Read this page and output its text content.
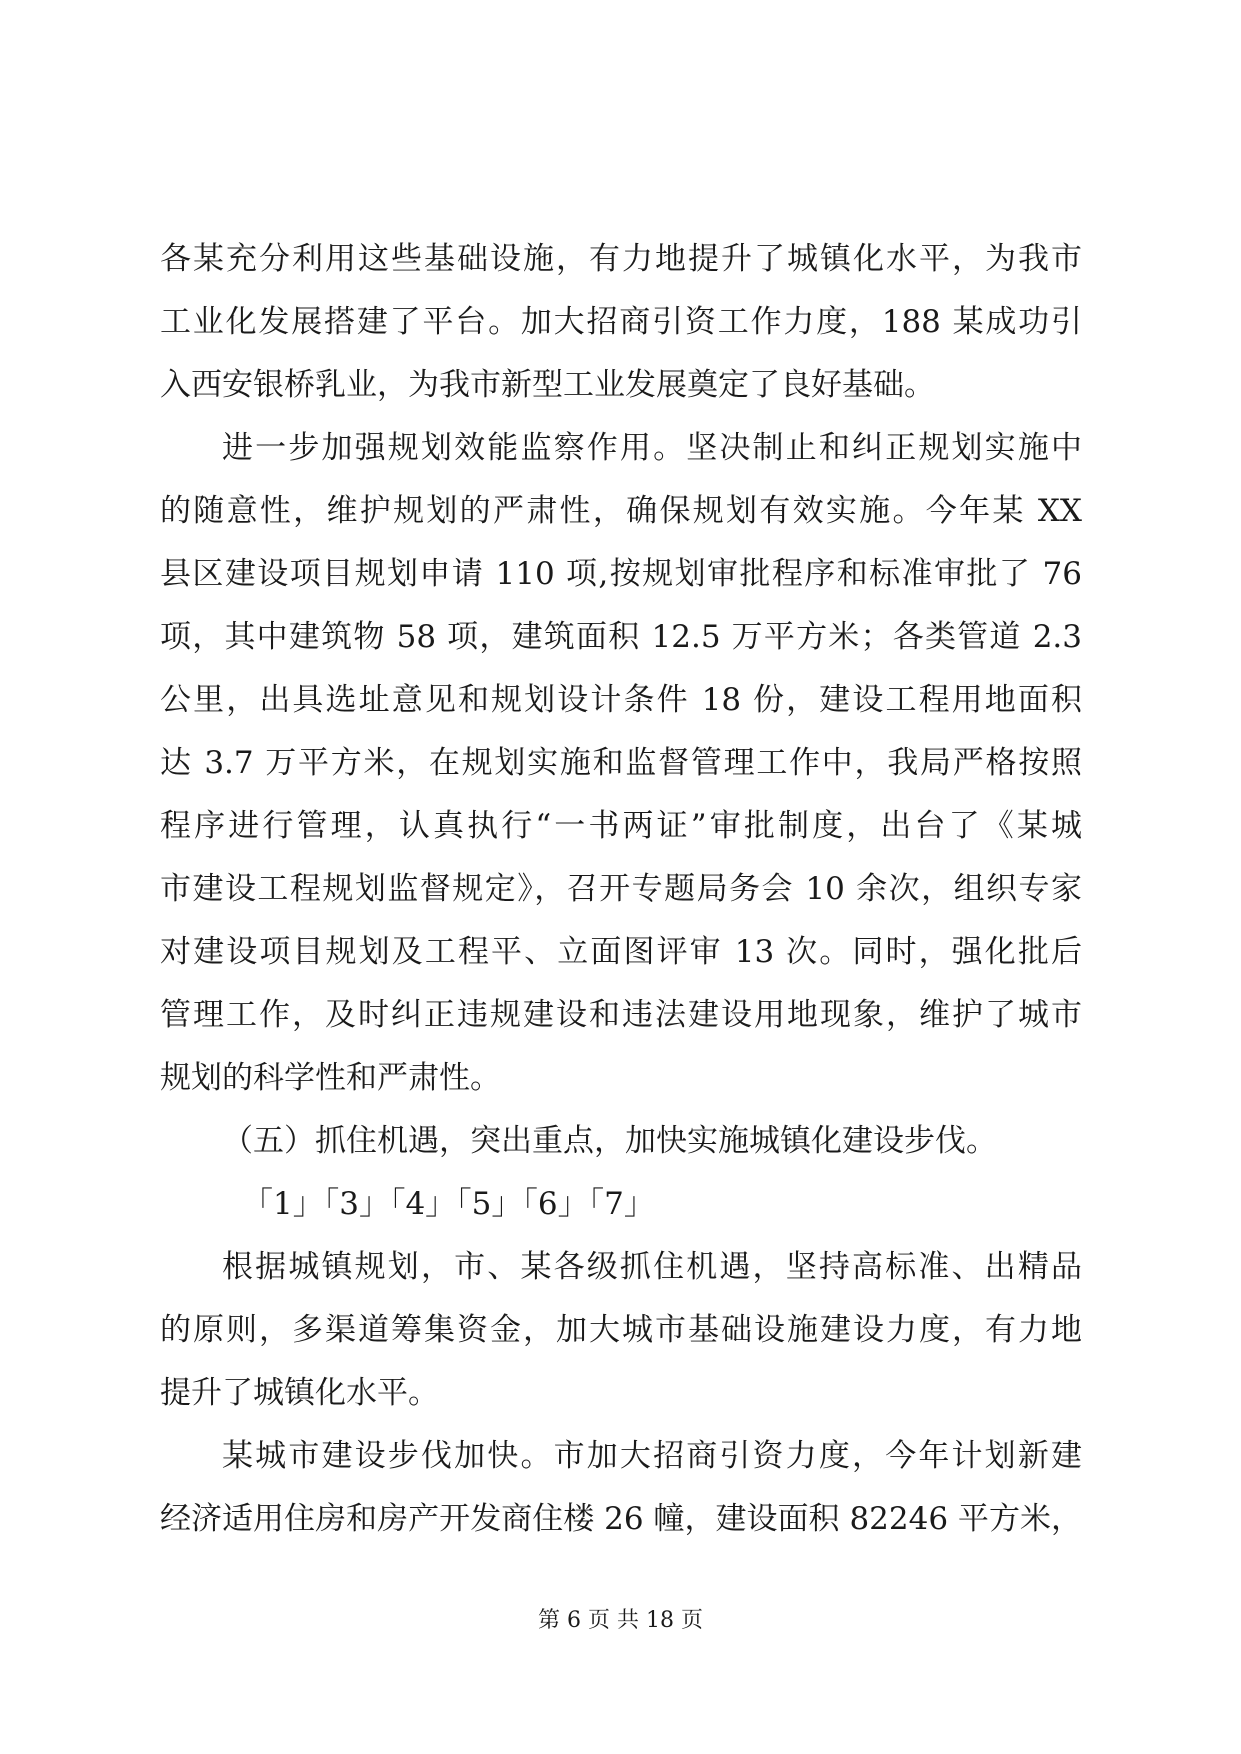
各某充分利用这些基础设施，有力地提升了城镇化水平，为我市
工业化发展搭建了平台。加大招商引资工作力度，188 某成功引
入西安银桥乳业，为我市新型工业发展奠定了良好基础。
进一步加强规划效能监察作用。坚决制止和纠正规划实施中
的随意性，维护规划的严肃性，确保规划有效实施。今年某 XX
县区建设项目规划申请 110 项,按规划审批程序和标准审批了 76
项，其中建筑物 58 项，建筑面积 12.5 万平方米；各类管道 2.3
公里，出具选址意见和规划设计条件 18 份，建设工程用地面积
达 3.7 万平方米，在规划实施和监督管理工作中，我局严格按照
程序进行管理，认真执行“一书两证”审批制度，出台了《某城
市建设工程规划监督规定》，召开专题局务会 10 余次，组织专家
对建设项目规划及工程平、立面图评审 13 次。同时，强化批后
管理工作，及时纠正违规建设和违法建设用地现象，维护了城市
规划的科学性和严肃性。
（五）抓住机遇，突出重点，加快实施城镇化建设步伐。
「1」「3」「4」「5」「6」「7」
根据城镇规划，市、某各级抓住机遇，坚持高标准、出精品
的原则，多渠道筹集资金，加大城市基础设施建设力度，有力地
提升了城镇化水平。
某城市建设步伐加快。市加大招商引资力度，今年计划新建
经济适用住房和房产开发商住楼 26 幢，建设面积 82246 平方米，
第 6 页 共 18 页
